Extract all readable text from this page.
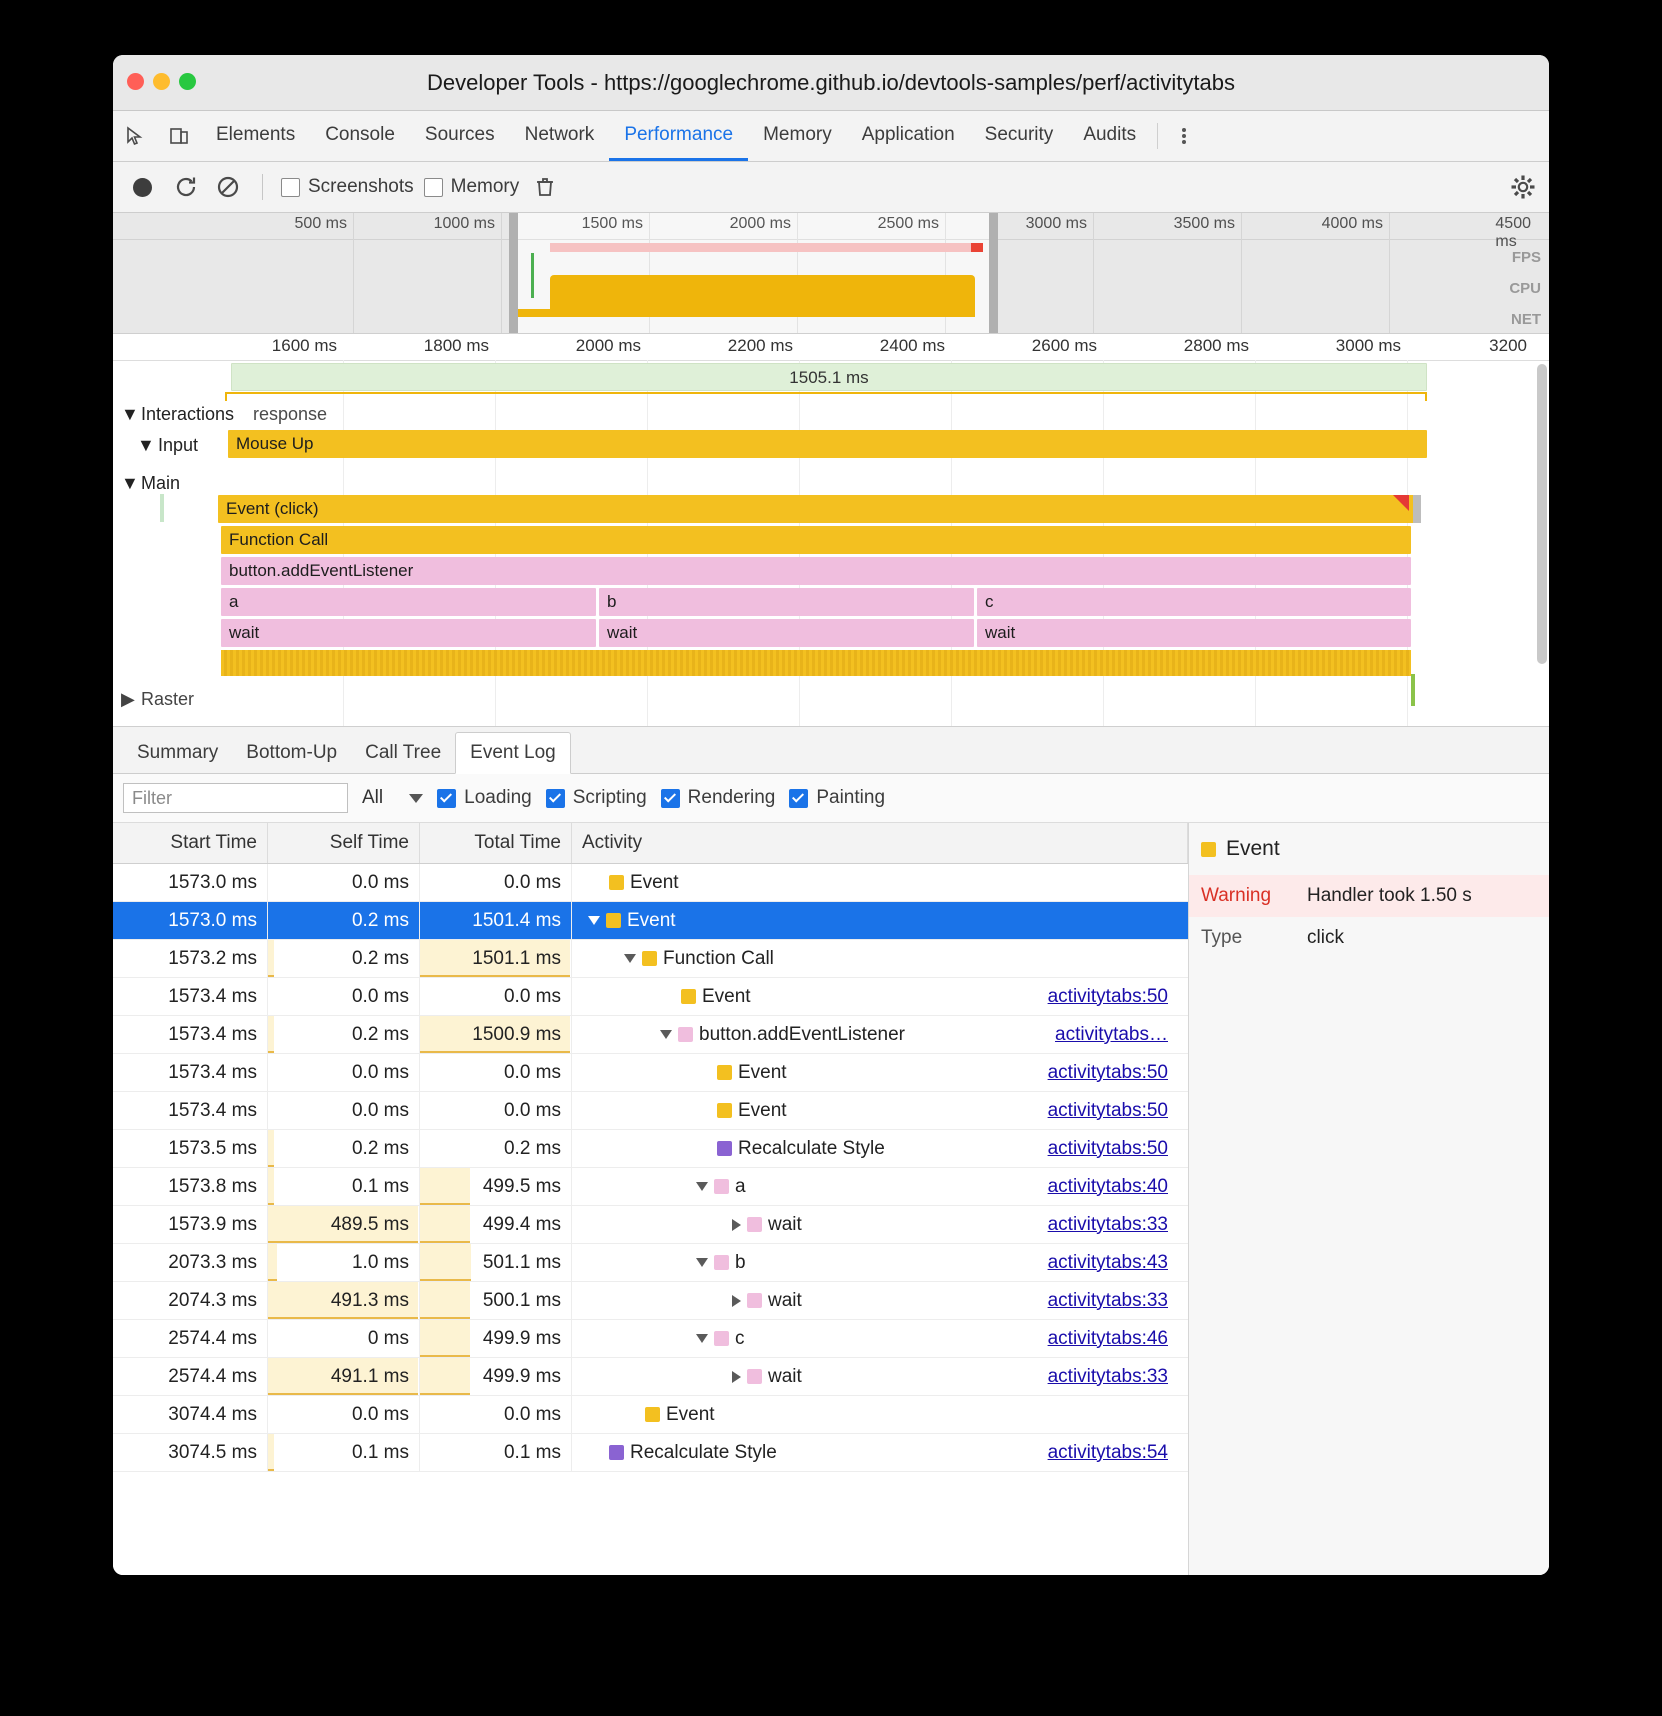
Developer Tools - https://googlechrome.github.io/devtools-samples/perf/activitytabs
Elements	Console	Sources	Network	Performance	Memory	Application	Security	Audits
Screenshots Memory
500 ms	1000 ms	1500 ms	2000 ms	2500 ms	3000 ms	3500 ms	4000 ms	4500 ms
FPS
CPU
NET
1600 ms	1800 ms	2000 ms	2200 ms	2400 ms	2600 ms	2800 ms	3000 ms	3200
1505.1 ms
▼ Interactions response
▼ Input	Mouse Up
▼ Main
Event (click)
Function Call
button.addEventListener
a	b	c
wait	wait	wait
▶ Raster
Summary	Bottom-Up	Call Tree	Event Log
Filter	All	Loading Scripting Rendering Painting
Start Time	Self Time	Total Time	Activity
1573.0 ms	0.0 ms	0.0 ms	Event
1573.0 ms	0.2 ms	1501.4 ms	Event
1573.2 ms	0.2 ms	1501.1 ms	Function Call
1573.4 ms	0.0 ms	0.0 ms	Event	activitytabs:50
1573.4 ms	0.2 ms	1500.9 ms	button.addEventListener	activitytabs…
1573.4 ms	0.0 ms	0.0 ms	Event	activitytabs:50
1573.4 ms	0.0 ms	0.0 ms	Event	activitytabs:50
1573.5 ms	0.2 ms	0.2 ms	Recalculate Style	activitytabs:50
1573.8 ms	0.1 ms	499.5 ms	a	activitytabs:40
1573.9 ms	489.5 ms	499.4 ms	wait	activitytabs:33
2073.3 ms	1.0 ms	501.1 ms	b	activitytabs:43
2074.3 ms	491.3 ms	500.1 ms	wait	activitytabs:33
2574.4 ms	0 ms	499.9 ms	c	activitytabs:46
2574.4 ms	491.1 ms	499.9 ms	wait	activitytabs:33
3074.4 ms	0.0 ms	0.0 ms	Event
3074.5 ms	0.1 ms	0.1 ms	Recalculate Style	activitytabs:54
Event
Warning	Handler took 1.50 s
Type	click
